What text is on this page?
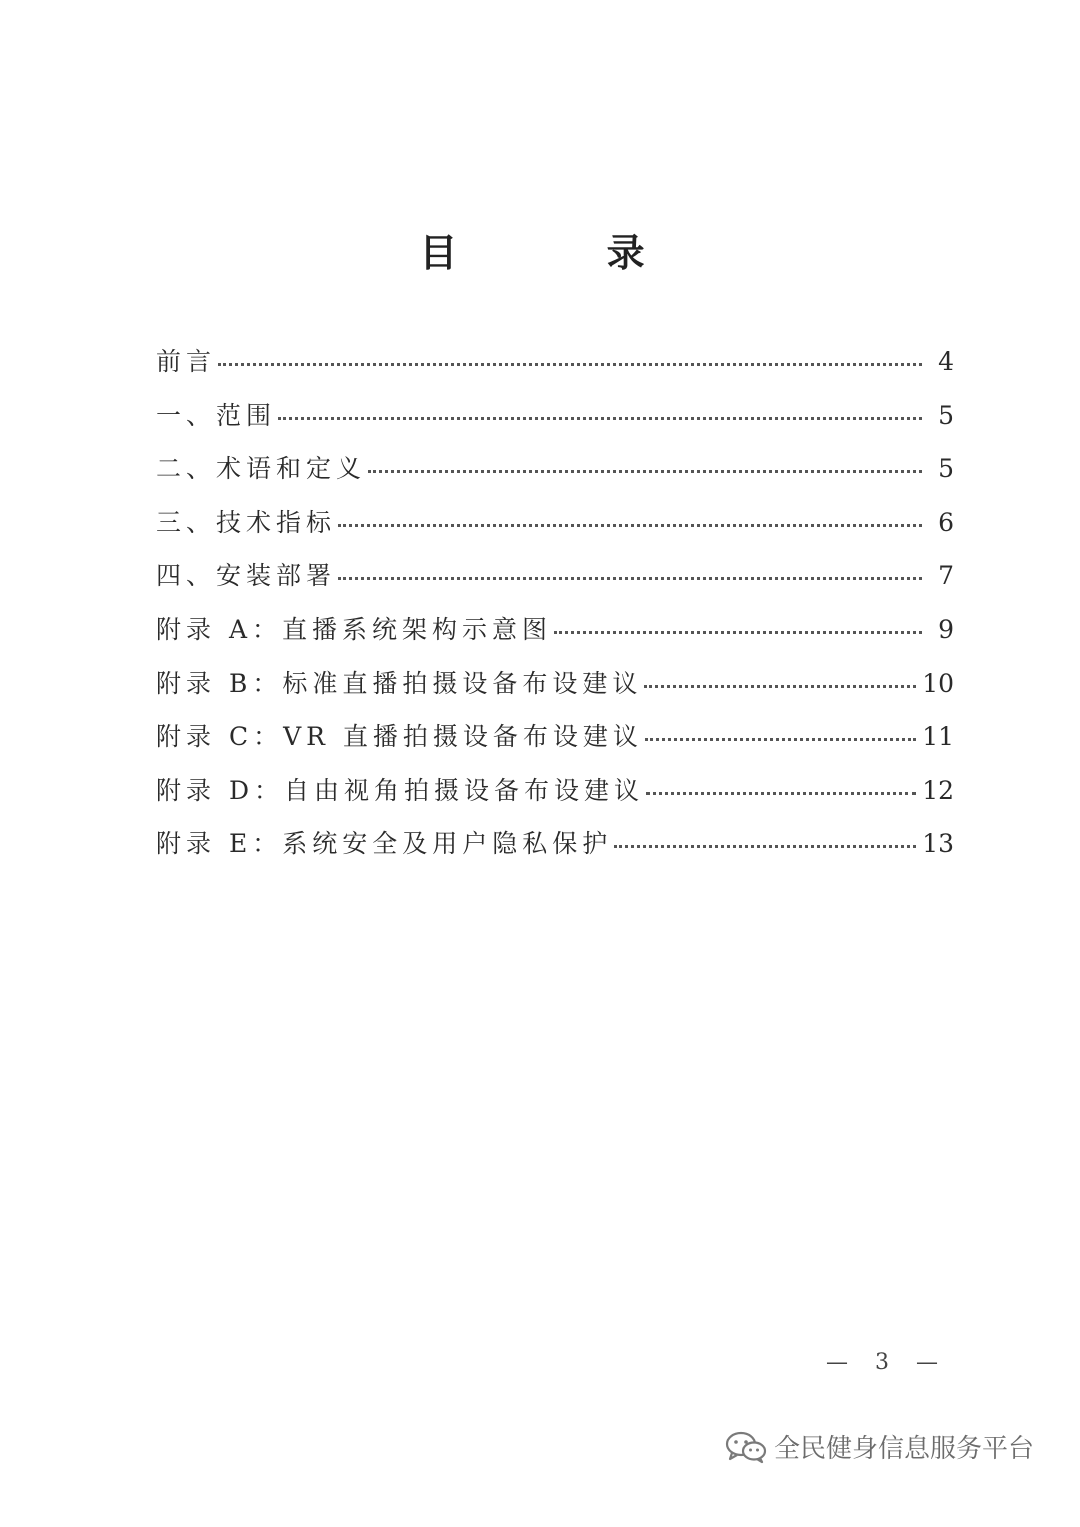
目 录
前言	4
一、范围	5
二、术语和定义	5
三、技术指标	6
四、安装部署	7
附录 A：直播系统架构示意图	9
附录 B：标准直播拍摄设备布设建议	10
附录 C：VR 直播拍摄设备布设建议	11
附录 D：自由视角拍摄设备布设建议	12
附录 E：系统安全及用户隐私保护	13
— 3 —
全民健身信息服务平台
